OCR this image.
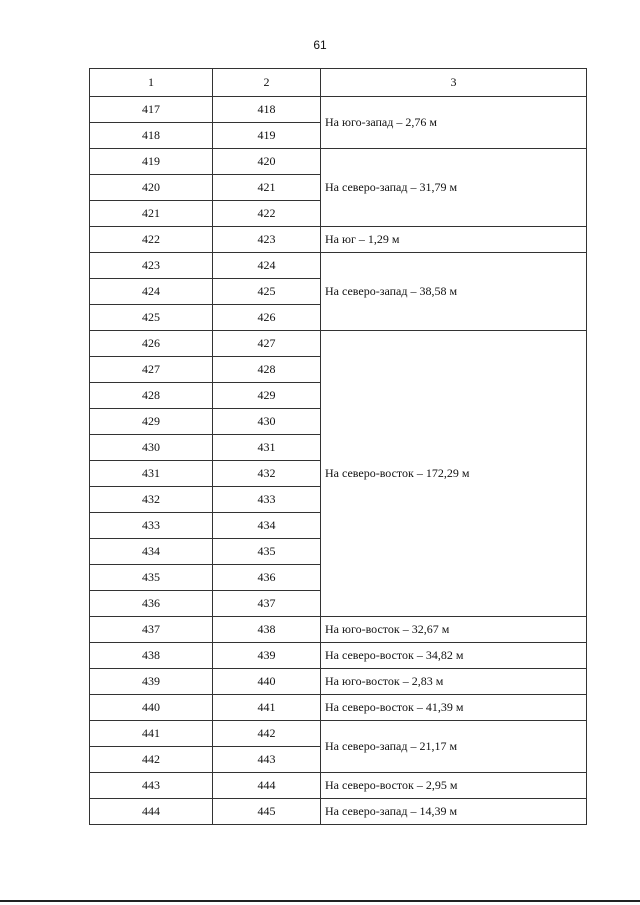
61
1	2	3
417	418	На юго-запад – 2,76 м
418	419	
419	420	На северо-запад – 31,79 м
420	421	
421	422	
422	423	На юг – 1,29 м
423	424	На северо-запад – 38,58 м
424	425	
425	426	
426	427	На северо-восток – 172,29 м
427	428	
428	429	
429	430	
430	431	
431	432	
432	433	
433	434	
434	435	
435	436	
436	437	
437	438	На юго-восток – 32,67 м
438	439	На северо-восток – 34,82 м
439	440	На юго-восток – 2,83 м
440	441	На северо-восток – 41,39 м
441	442	На северо-запад – 21,17 м
442	443	
443	444	На северо-восток – 2,95 м
444	445	На северо-запад – 14,39 м
